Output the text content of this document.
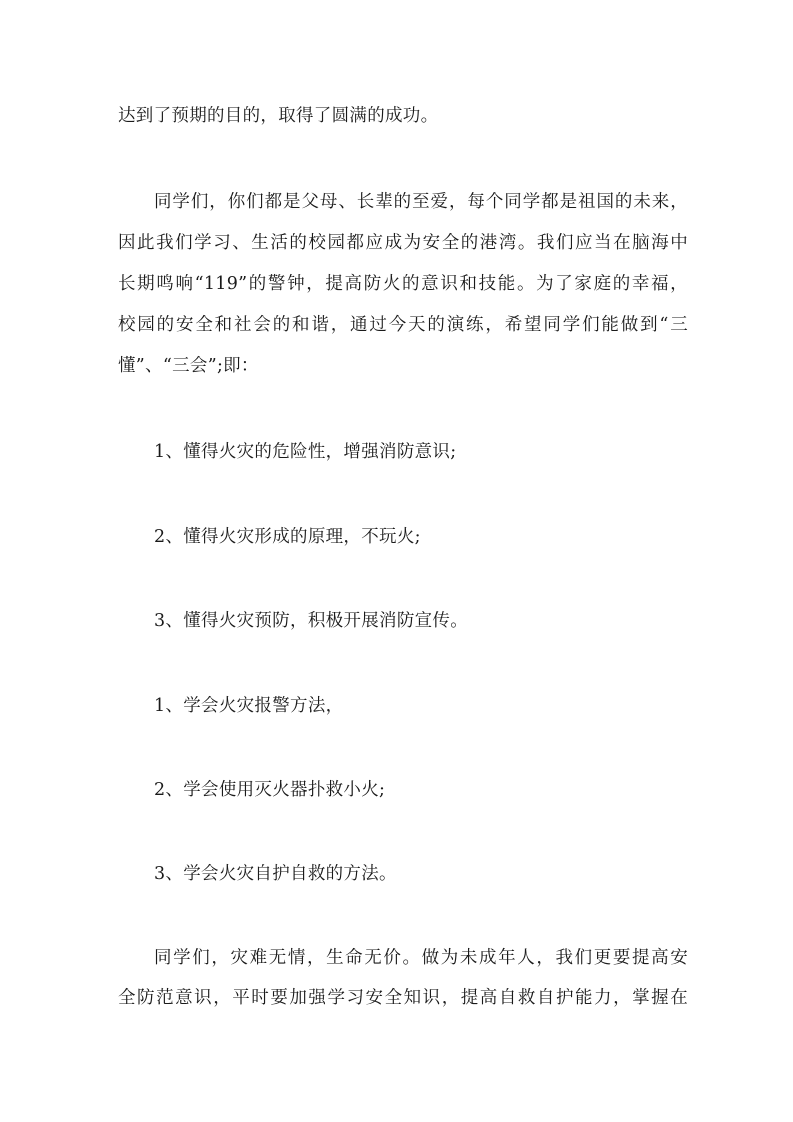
达到了预期的目的，取得了圆满的成功。
同学们，你们都是父母、长辈的至爱，每个同学都是祖国的未来，
因此我们学习、生活的校园都应成为安全的港湾。我们应当在脑海中
长期鸣响“119”的警钟，提高防火的意识和技能。为了家庭的幸福，
校园的安全和社会的和谐，通过今天的演练，希望同学们能做到“三
懂”、“三会”;即：
1、懂得火灾的危险性，增强消防意识;
2、懂得火灾形成的原理，不玩火;
3、懂得火灾预防，积极开展消防宣传。
1、学会火灾报警方法，
2、学会使用灭火器扑救小火;
3、学会火灾自护自救的方法。
同学们，灾难无情，生命无价。做为未成年人，我们更要提高安
全防范意识，平时要加强学习安全知识，提高自救自护能力，掌握在
